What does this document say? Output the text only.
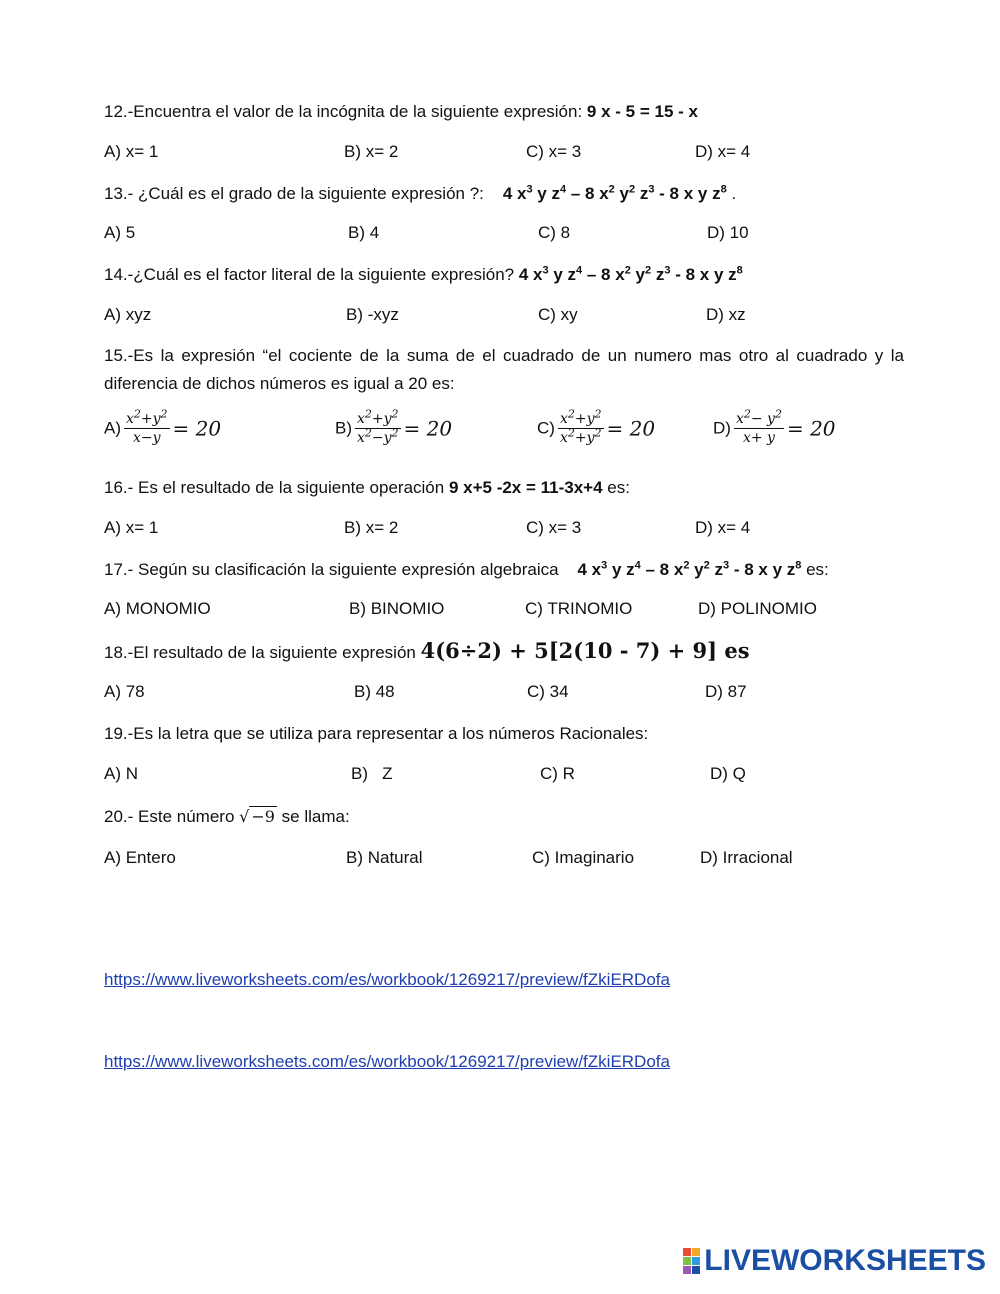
12.-Encuentra el valor de la incógnita de la siguiente expresión: 9 x - 5 = 15 - x
A) x= 1	B) x= 2	C) x= 3	D) x= 4
13.- ¿Cuál es el grado de la siguiente expresión ?: 4 $x^3$ y $z^4 - 8$ $x^2$ $y^2$ $z^3 - 8$ x y $z^8$ .
A) 5	B) 4	C) 8	D) 10
14.-¿Cuál es el factor literal de la siguiente expresión? 4 $x^3$ y $z^4 - 8$ $x^2$ $y^2$ $z^3 - 8$ x y $z^8$
A) xyz	B) -xyz	C) xy	D) xz
15.-Es la expresión “el cociente de la suma de el cuadrado de un numero mas otro al cuadrado y la diferencia de dichos números es igual a 20 es:
$A) \frac{x^2+y^2}{x-y} = 20$	$B) \frac{x^2+y^2}{x^2-y^2} = 20$	$C) \frac{x^2+y^2}{x^2+y^2} = 20$	$D) \frac{x^2- y^2}{x+ y} = 20$
16.- Es el resultado de la siguiente operación 9 x+5 -2x = 11-3x+4 es:
A) x= 1	B) x= 2	C) x= 3	D) x= 4
17.- Según su clasificación la siguiente expresión algebraica 4 $x^3$ y $z^4 - 8$ $x^2$ $y^2$ $z^3 - 8$ x y $z^8$ es:
A) MONOMIO	B) BINOMIO	C) TRINOMIO	D) POLINOMIO
18.-El resultado de la siguiente expresión 4(6÷2) + 5[2(10 - 7) + 9] es
A) 78	B) 48	C) 34	D) 87
19.-Es la letra que se utiliza para representar a los números Racionales:
A) N	B)   Z	C) R	D) Q
20.- Este número √ −9 se llama:
A) Entero	B) Natural	C) Imaginario	D) Irracional
https://www.liveworksheets.com/es/workbook/1269217/preview/fZkiERDofa
https://www.liveworksheets.com/es/workbook/1269217/preview/fZkiERDofa
LIVEWORKSHEETS
